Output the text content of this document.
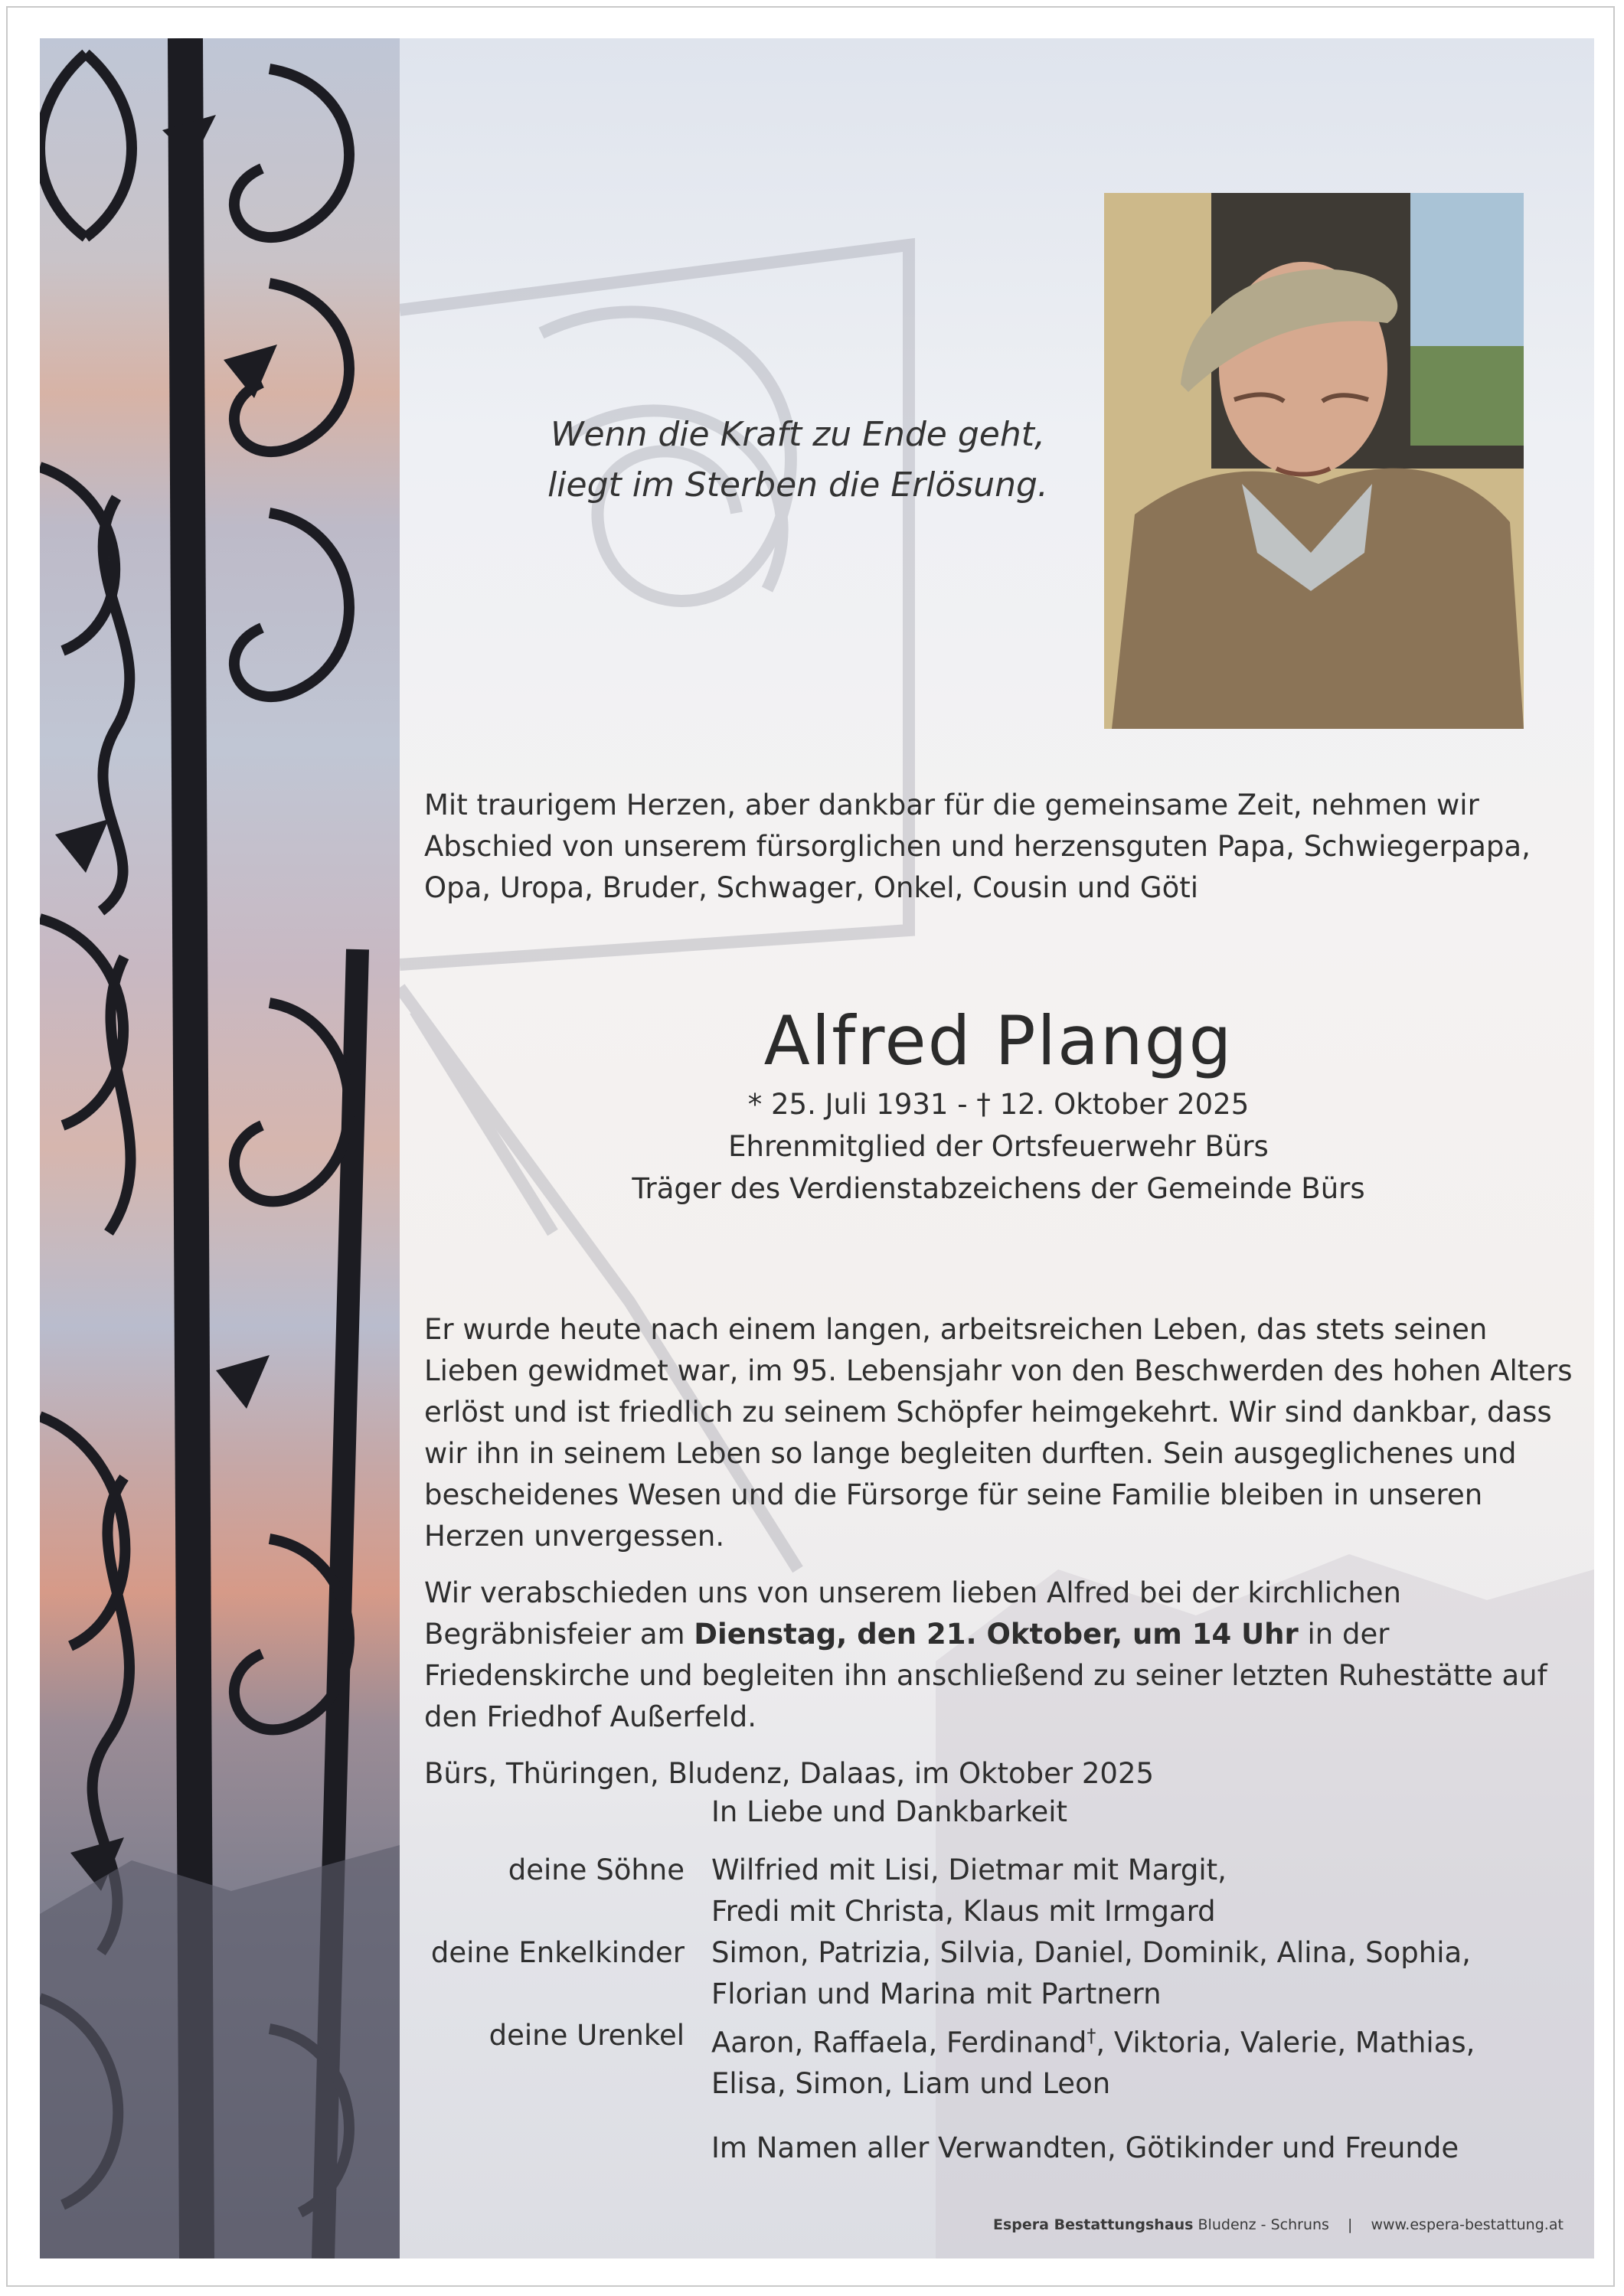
Wenn die Kraft zu Ende geht,
liegt im Sterben die Erlösung.
Mit traurigem Herzen, aber dankbar für die gemeinsame Zeit, nehmen wir Abschied von unserem fürsorglichen und herzensguten Papa, Schwiegerpapa, Opa, Uropa, Bruder, Schwager, Onkel, Cousin und Göti
Alfred Plangg
* 25. Juli 1931 - † 12. Oktober 2025
Ehrenmitglied der Ortsfeuerwehr Bürs
Träger des Verdienstabzeichens der Gemeinde Bürs

Er wurde heute nach einem langen, arbeitsreichen Leben, das stets seinen Lieben gewidmet war, im 95. Lebensjahr von den Beschwerden des hohen Alters erlöst und ist friedlich zu seinem Schöpfer heimgekehrt. Wir sind dankbar, dass wir ihn in seinem Leben so lange begleiten durften. Sein ausgeglichenes und bescheidenes Wesen und die Fürsorge für seine Familie bleiben in unseren Herzen unvergessen.

Wir verabschieden uns von unserem lieben Alfred bei der kirchlichen Begräbnisfeier am Dienstag, den 21. Oktober, um 14 Uhr in der Friedenskirche und begleiten ihn anschließend zu seiner letzten Ruhestätte auf den Friedhof Außerfeld.

Bürs, Thüringen, Bludenz, Dalaas, im Oktober 2025

In Liebe und Dankbarkeit
deine Söhne Wilfried mit Lisi, Dietmar mit Margit,
Fredi mit Christa, Klaus mit Irmgard
deine Enkelkinder Simon, Patrizia, Silvia, Daniel, Dominik, Alina, Sophia,
Florian und Marina mit Partnern
deine Urenkel Aaron, Raffaela, Ferdinand†, Viktoria, Valerie, Mathias,
Elisa, Simon, Liam und Leon
Im Namen aller Verwandten, Götikinder und Freunde
Espera Bestattungshaus Bludenz - Schruns | www.espera-bestattung.at
